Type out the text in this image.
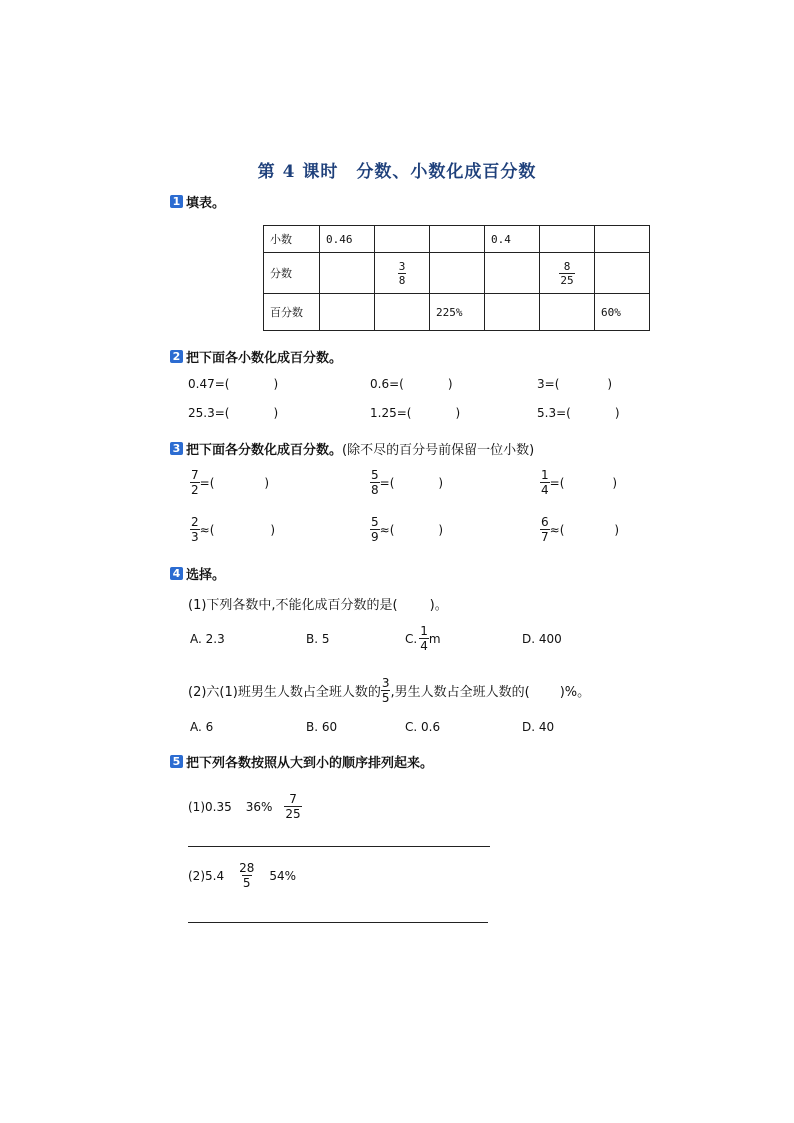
第 4 课时 分数、小数化成百分数
1 填表。
小数	0.46			0.4		
分数		$\frac{3}{8}$			$\frac{8}{25}$

百分数			225%			60%
2 把下面各小数化成百分数。
0.47=(	)	0.6=(	)	3=(	)
25.3=(	)	1.25=(	)	5.3=(	)
3 把下面各分数化成百分数。 (除不尽的百分号前保留一位小数)
$\frac{7}{2}$ =(	)	$\frac{5}{8}$ =(	)	$\frac{1}{4}$ =(	)
$\frac{2}{3}$ ≈(	)	$\frac{5}{9}$ ≈(	)	$\frac{6}{7}$ ≈(	)
4 选择。
(1)下列各数中,不能化成百分数的是( )。
A. 2.3	B. 5	C. $\frac{1}{4}$ m	D. 400
(2)六(1)班男生人数占全班人数的 $\frac{3}{5}$ ,男生人数占全班人数的( )%。
A. 6	B. 60	C. 0.6	D. 40
5 把下列各数按照从大到小的顺序排列起来。
(1)0.35 $36\% \frac{7}{25}$
$(2)5.4 \frac{28}{5} 54\%$
